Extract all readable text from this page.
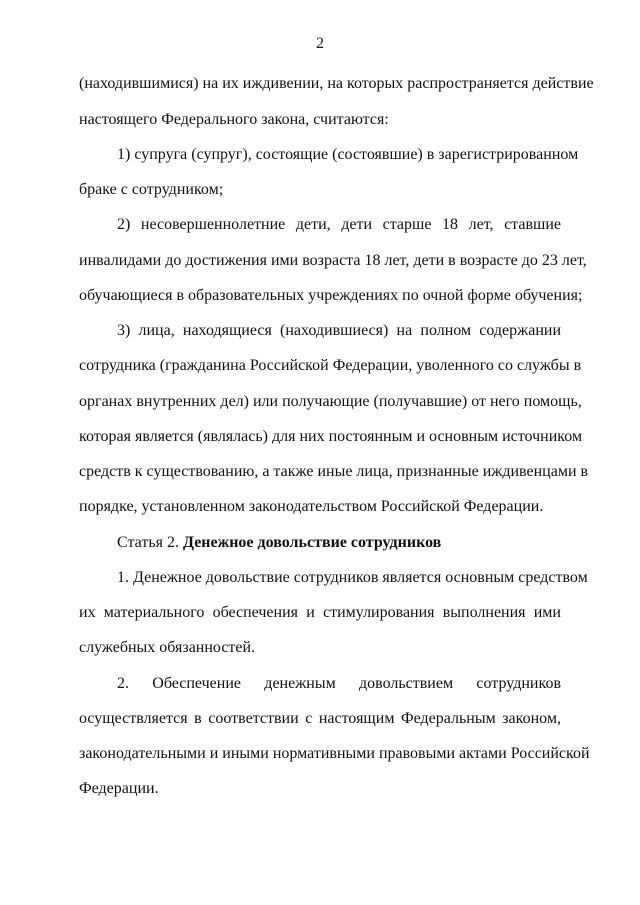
2
(находившимися) на их иждивении, на которых распространяется действие
настоящего Федерального закона, считаются:
1) супруга (супруг), состоящие (состоявшие) в зарегистрированном
браке с сотрудником;
2) несовершеннолетние дети, дети старше 18 лет, ставшие
инвалидами до достижения ими возраста 18 лет, дети в возрасте до 23 лет,
обучающиеся в образовательных учреждениях по очной форме обучения;
3) лица, находящиеся (находившиеся) на полном содержании
сотрудника (гражданина Российской Федерации, уволенного со службы в
органах внутренних дел) или получающие (получавшие) от него помощь,
которая является (являлась) для них постоянным и основным источником
средств к существованию, а также иные лица, признанные иждивенцами в
порядке, установленном законодательством Российской Федерации.
Статья 2. Денежное довольствие сотрудников
1. Денежное довольствие сотрудников является основным средством
их материального обеспечения и стимулирования выполнения ими
служебных обязанностей.
2. Обеспечение денежным довольствием сотрудников
осуществляется в соответствии с настоящим Федеральным законом,
законодательными и иными нормативными правовыми актами Российской
Федерации.
